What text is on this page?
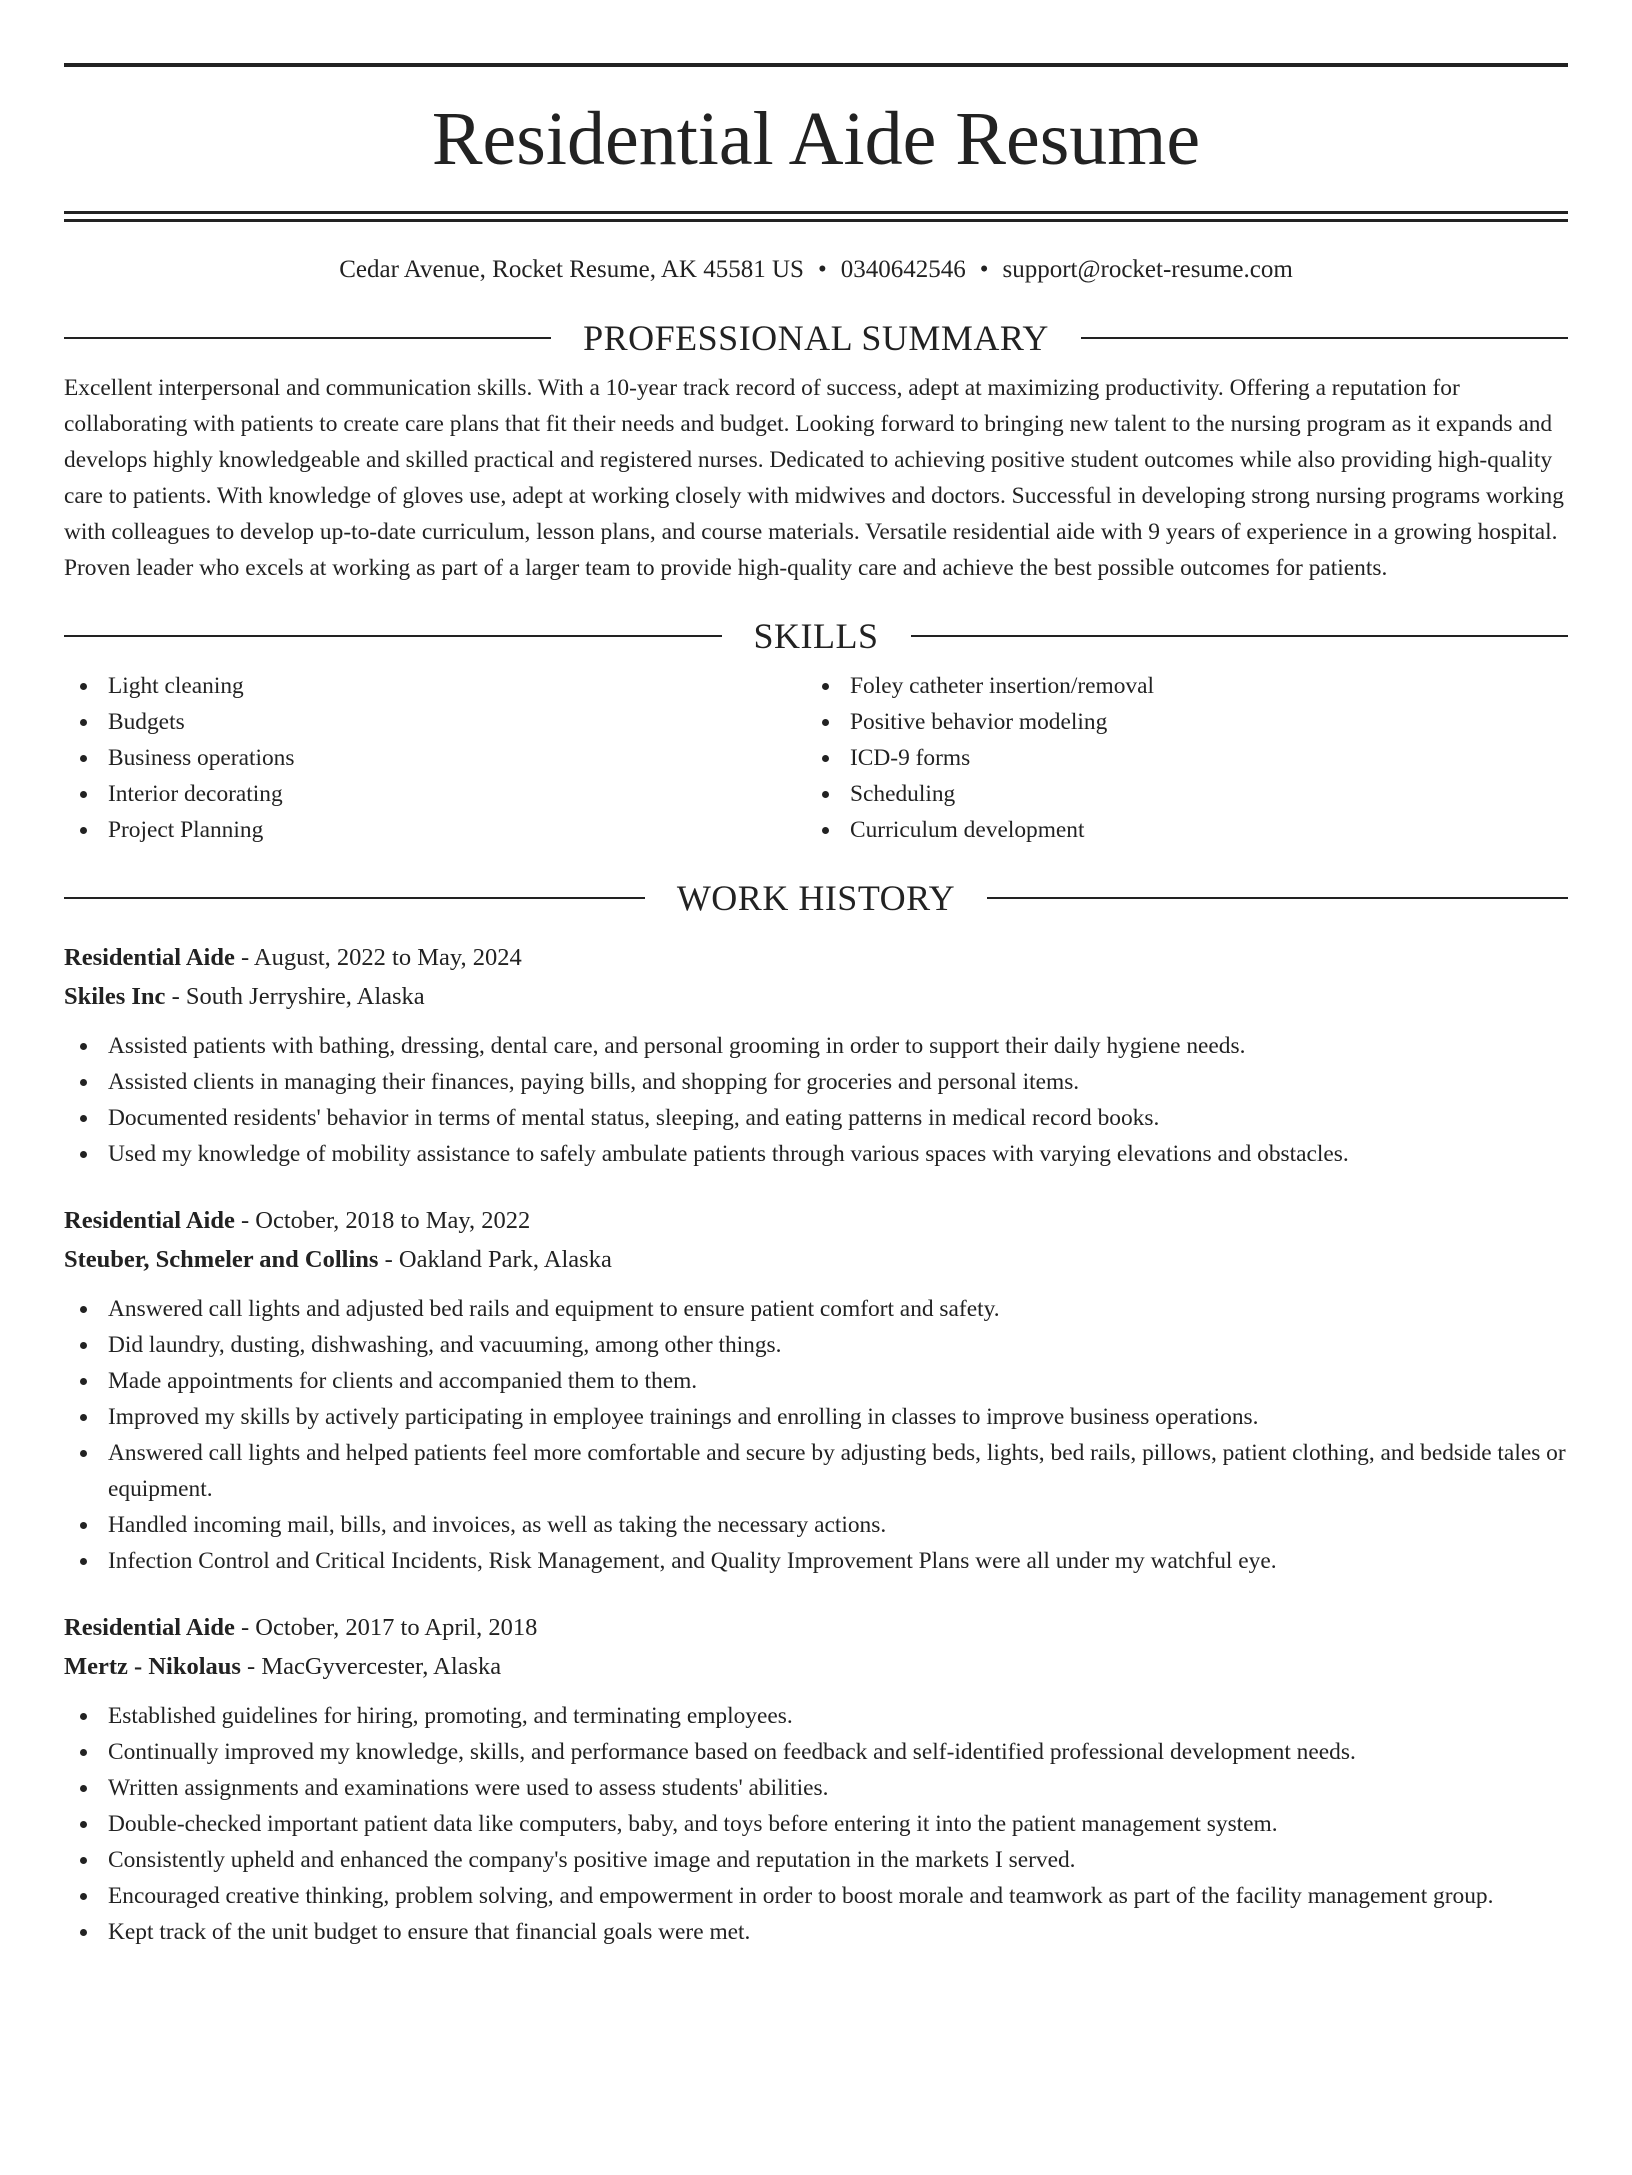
Residential Aide Resume
Cedar Avenue, Rocket Resume, AK 45581 US • 0340642546 • support@rocket-resume.com
PROFESSIONAL SUMMARY

Excellent interpersonal and communication skills. With a 10-year track record of success, adept at maximizing productivity. Offering a reputation for collaborating with patients to create care plans that fit their needs and budget. Looking forward to bringing new talent to the nursing program as it expands and develops highly knowledgeable and skilled practical and registered nurses. Dedicated to achieving positive student outcomes while also providing high-quality care to patients. With knowledge of gloves use, adept at working closely with midwives and doctors. Successful in developing strong nursing programs working with colleagues to develop up-to-date curriculum, lesson plans, and course materials. Versatile residential aide with 9 years of experience in a growing hospital. Proven leader who excels at working as part of a larger team to provide high-quality care and achieve the best possible outcomes for patients.

SKILLS
Light cleaning
Budgets
Business operations
Interior decorating
Project Planning
Foley catheter insertion/removal
Positive behavior modeling
ICD-9 forms
Scheduling
Curriculum development
WORK HISTORY
Residential Aide - August, 2022 to May, 2024
Skiles Inc - South Jerryshire, Alaska
Assisted patients with bathing, dressing, dental care, and personal grooming in order to support their daily hygiene needs.
Assisted clients in managing their finances, paying bills, and shopping for groceries and personal items.
Documented residents' behavior in terms of mental status, sleeping, and eating patterns in medical record books.
Used my knowledge of mobility assistance to safely ambulate patients through various spaces with varying elevations and obstacles.
Residential Aide - October, 2018 to May, 2022
Steuber, Schmeler and Collins - Oakland Park, Alaska
Answered call lights and adjusted bed rails and equipment to ensure patient comfort and safety.
Did laundry, dusting, dishwashing, and vacuuming, among other things.
Made appointments for clients and accompanied them to them.
Improved my skills by actively participating in employee trainings and enrolling in classes to improve business operations.
Answered call lights and helped patients feel more comfortable and secure by adjusting beds, lights, bed rails, pillows, patient clothing, and bedside tales or equipment.
Handled incoming mail, bills, and invoices, as well as taking the necessary actions.
Infection Control and Critical Incidents, Risk Management, and Quality Improvement Plans were all under my watchful eye.
Residential Aide - October, 2017 to April, 2018
Mertz - Nikolaus - MacGyvercester, Alaska
Established guidelines for hiring, promoting, and terminating employees.
Continually improved my knowledge, skills, and performance based on feedback and self-identified professional development needs.
Written assignments and examinations were used to assess students' abilities.
Double-checked important patient data like computers, baby, and toys before entering it into the patient management system.
Consistently upheld and enhanced the company's positive image and reputation in the markets I served.
Encouraged creative thinking, problem solving, and empowerment in order to boost morale and teamwork as part of the facility management group.
Kept track of the unit budget to ensure that financial goals were met.
